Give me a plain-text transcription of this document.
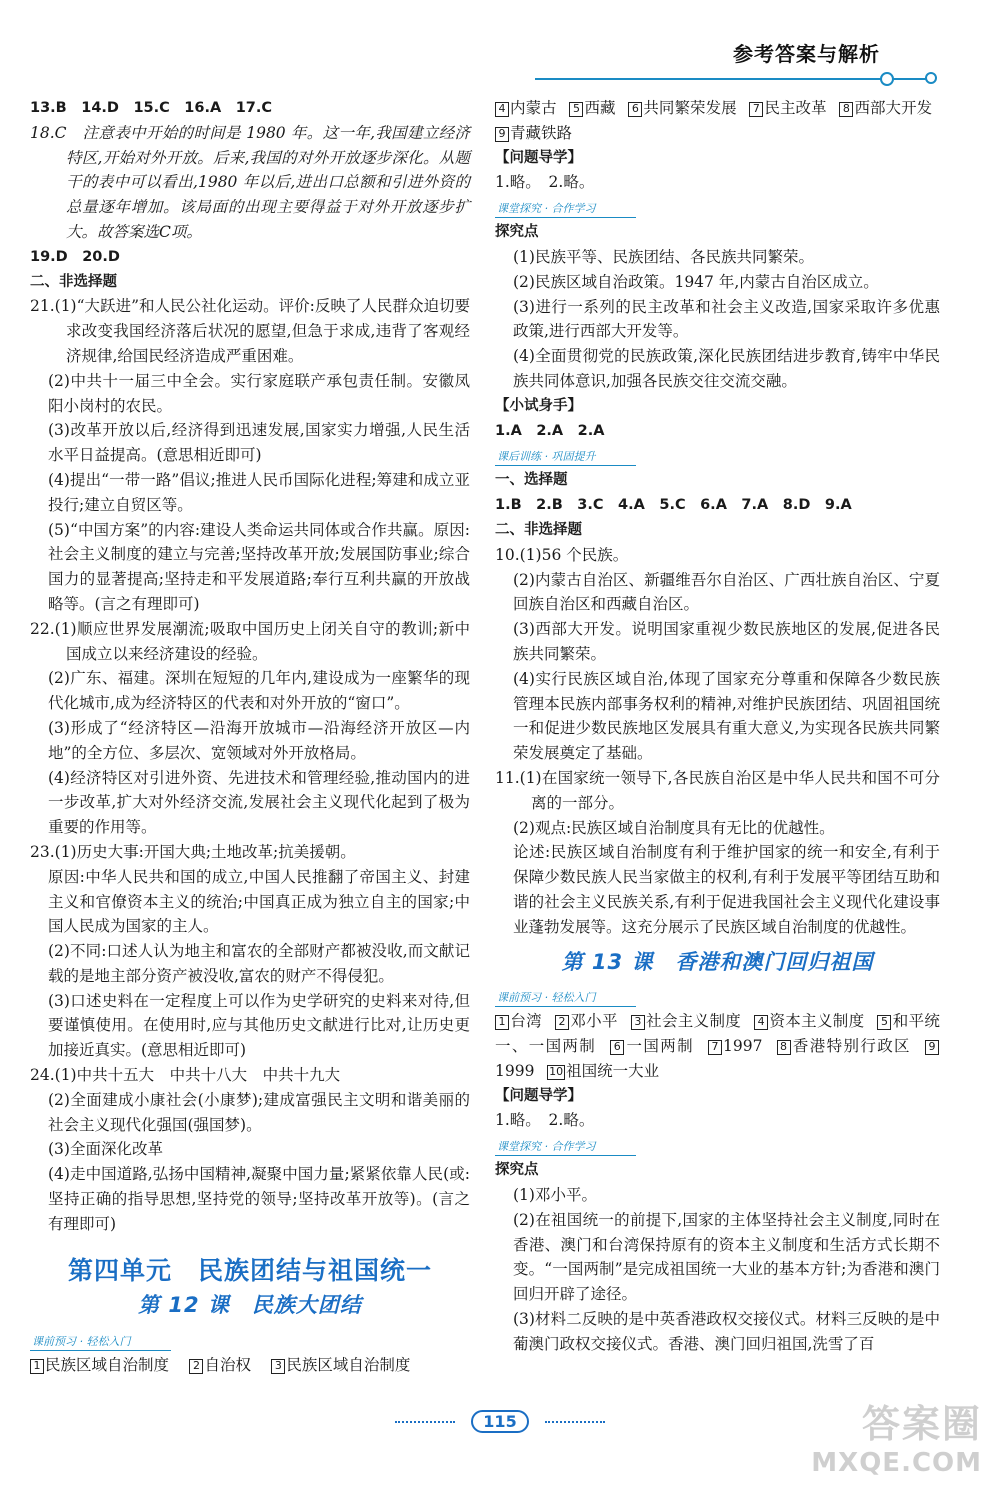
参考答案与解析

13.B　14.D　15.C　16.A　17.C

18.C　注意表中开始的时间是 1980 年。这一年,我国建立经济特区,开始对外开放。后来,我国的对外开放逐步深化。从题干的表中可以看出,1980 年以后,进出口总额和引进外资的总量逐年增加。该局面的出现主要得益于对外开放逐步扩大。故答案选C项。

19.D　20.D

二、非选择题

21.(1)“大跃进”和人民公社化运动。评价:反映了人民群众迫切要求改变我国经济落后状况的愿望,但急于求成,违背了客观经济规律,给国民经济造成严重困难。

(2)中共十一届三中全会。实行家庭联产承包责任制。安徽凤阳小岗村的农民。

(3)改革开放以后,经济得到迅速发展,国家实力增强,人民生活水平日益提高。(意思相近即可)

(4)提出“一带一路”倡议;推进人民币国际化进程;筹建和成立亚投行;建立自贸区等。

(5)“中国方案”的内容:建设人类命运共同体或合作共赢。原因:社会主义制度的建立与完善;坚持改革开放;发展国防事业;综合国力的显著提高;坚持走和平发展道路;奉行互利共赢的开放战略等。(言之有理即可)

22.(1)顺应世界发展潮流;吸取中国历史上闭关自守的教训;新中国成立以来经济建设的经验。

(2)广东、福建。深圳在短短的几年内,建设成为一座繁华的现代化城市,成为经济特区的代表和对外开放的“窗口”。

(3)形成了“经济特区—沿海开放城市—沿海经济开放区—内地”的全方位、多层次、宽领域对外开放格局。

(4)经济特区对引进外资、先进技术和管理经验,推动国内的进一步改革,扩大对外经济交流,发展社会主义现代化起到了极为重要的作用等。

23.(1)历史大事:开国大典;土地改革;抗美援朝。

原因:中华人民共和国的成立,中国人民推翻了帝国主义、封建主义和官僚资本主义的统治;中国真正成为独立自主的国家;中国人民成为国家的主人。

(2)不同:口述人认为地主和富农的全部财产都被没收,而文献记载的是地主部分资产被没收,富农的财产不得侵犯。

(3)口述史料在一定程度上可以作为史学研究的史料来对待,但要谨慎使用。在使用时,应与其他历史文献进行比对,让历史更加接近真实。(意思相近即可)

24.(1)中共十五大　中共十八大　中共十九大

(2)全面建成小康社会(小康梦);建成富强民主文明和谐美丽的社会主义现代化强国(强国梦)。

(3)全面深化改革

(4)走中国道路,弘扬中国精神,凝聚中国力量;紧紧依靠人民(或:坚持正确的指导思想,坚持党的领导;坚持改革开放等)。(言之有理即可)

第四单元　民族团结与祖国统一
第 12 课　民族大团结
课前预习 · 轻松入门

1 民族区域自治制度  2 自治权  3 民族区域自治制度

4 内蒙古  5 西藏  6 共同繁荣发展  7 民主改革  8 西部大开发  9 青藏铁路

【问题导学】

1.略。　2.略。

课堂探究 · 合作学习

探究点

(1)民族平等、民族团结、各民族共同繁荣。

(2)民族区域自治政策。1947 年,内蒙古自治区成立。

(3)进行一系列的民主改革和社会主义改造,国家采取许多优惠政策,进行西部大开发等。

(4)全面贯彻党的民族政策,深化民族团结进步教育,铸牢中华民族共同体意识,加强各民族交往交流交融。

【小试身手】

1.A　2.A　2.A

课后训练 · 巩固提升

一、选择题

1.B　2.B　3.C　4.A　5.C　6.A　7.A　8.D　9.A

二、非选择题

10.(1)56 个民族。

(2)内蒙古自治区、新疆维吾尔自治区、广西壮族自治区、宁夏回族自治区和西藏自治区。

(3)西部大开发。说明国家重视少数民族地区的发展,促进各民族共同繁荣。

(4)实行民族区域自治,体现了国家充分尊重和保障各少数民族管理本民族内部事务权利的精神,对维护民族团结、巩固祖国统一和促进少数民族地区发展具有重大意义,为实现各民族共同繁荣发展奠定了基础。

11.(1)在国家统一领导下,各民族自治区是中华人民共和国不可分离的一部分。

(2)观点:民族区域自治制度具有无比的优越性。

论述:民族区域自治制度有利于维护国家的统一和安全,有利于保障少数民族人民当家做主的权利,有利于发展平等团结互助和谐的社会主义民族关系,有利于促进我国社会主义现代化建设事业蓬勃发展等。这充分展示了民族区域自治制度的优越性。

第 13 课　香港和澳门回归祖国
课前预习 · 轻松入门

1 台湾  2 邓小平  3 社会主义制度  4 资本主义制度  5 和平统一、一国两制  6 一国两制  7 1997  8 香港特别行政区  91999  10 祖国统一大业

【问题导学】

1.略。　2.略。

课堂探究 · 合作学习

探究点

(1)邓小平。

(2)在祖国统一的前提下,国家的主体坚持社会主义制度,同时在香港、澳门和台湾保持原有的资本主义制度和生活方式长期不变。“一国两制”是完成祖国统一大业的基本方针;为香港和澳门回归开辟了途径。

(3)材料二反映的是中英香港政权交接仪式。材料三反映的是中葡澳门政权交接仪式。香港、澳门回归祖国,洗雪了百

115	答案圈
MXQE.COM
